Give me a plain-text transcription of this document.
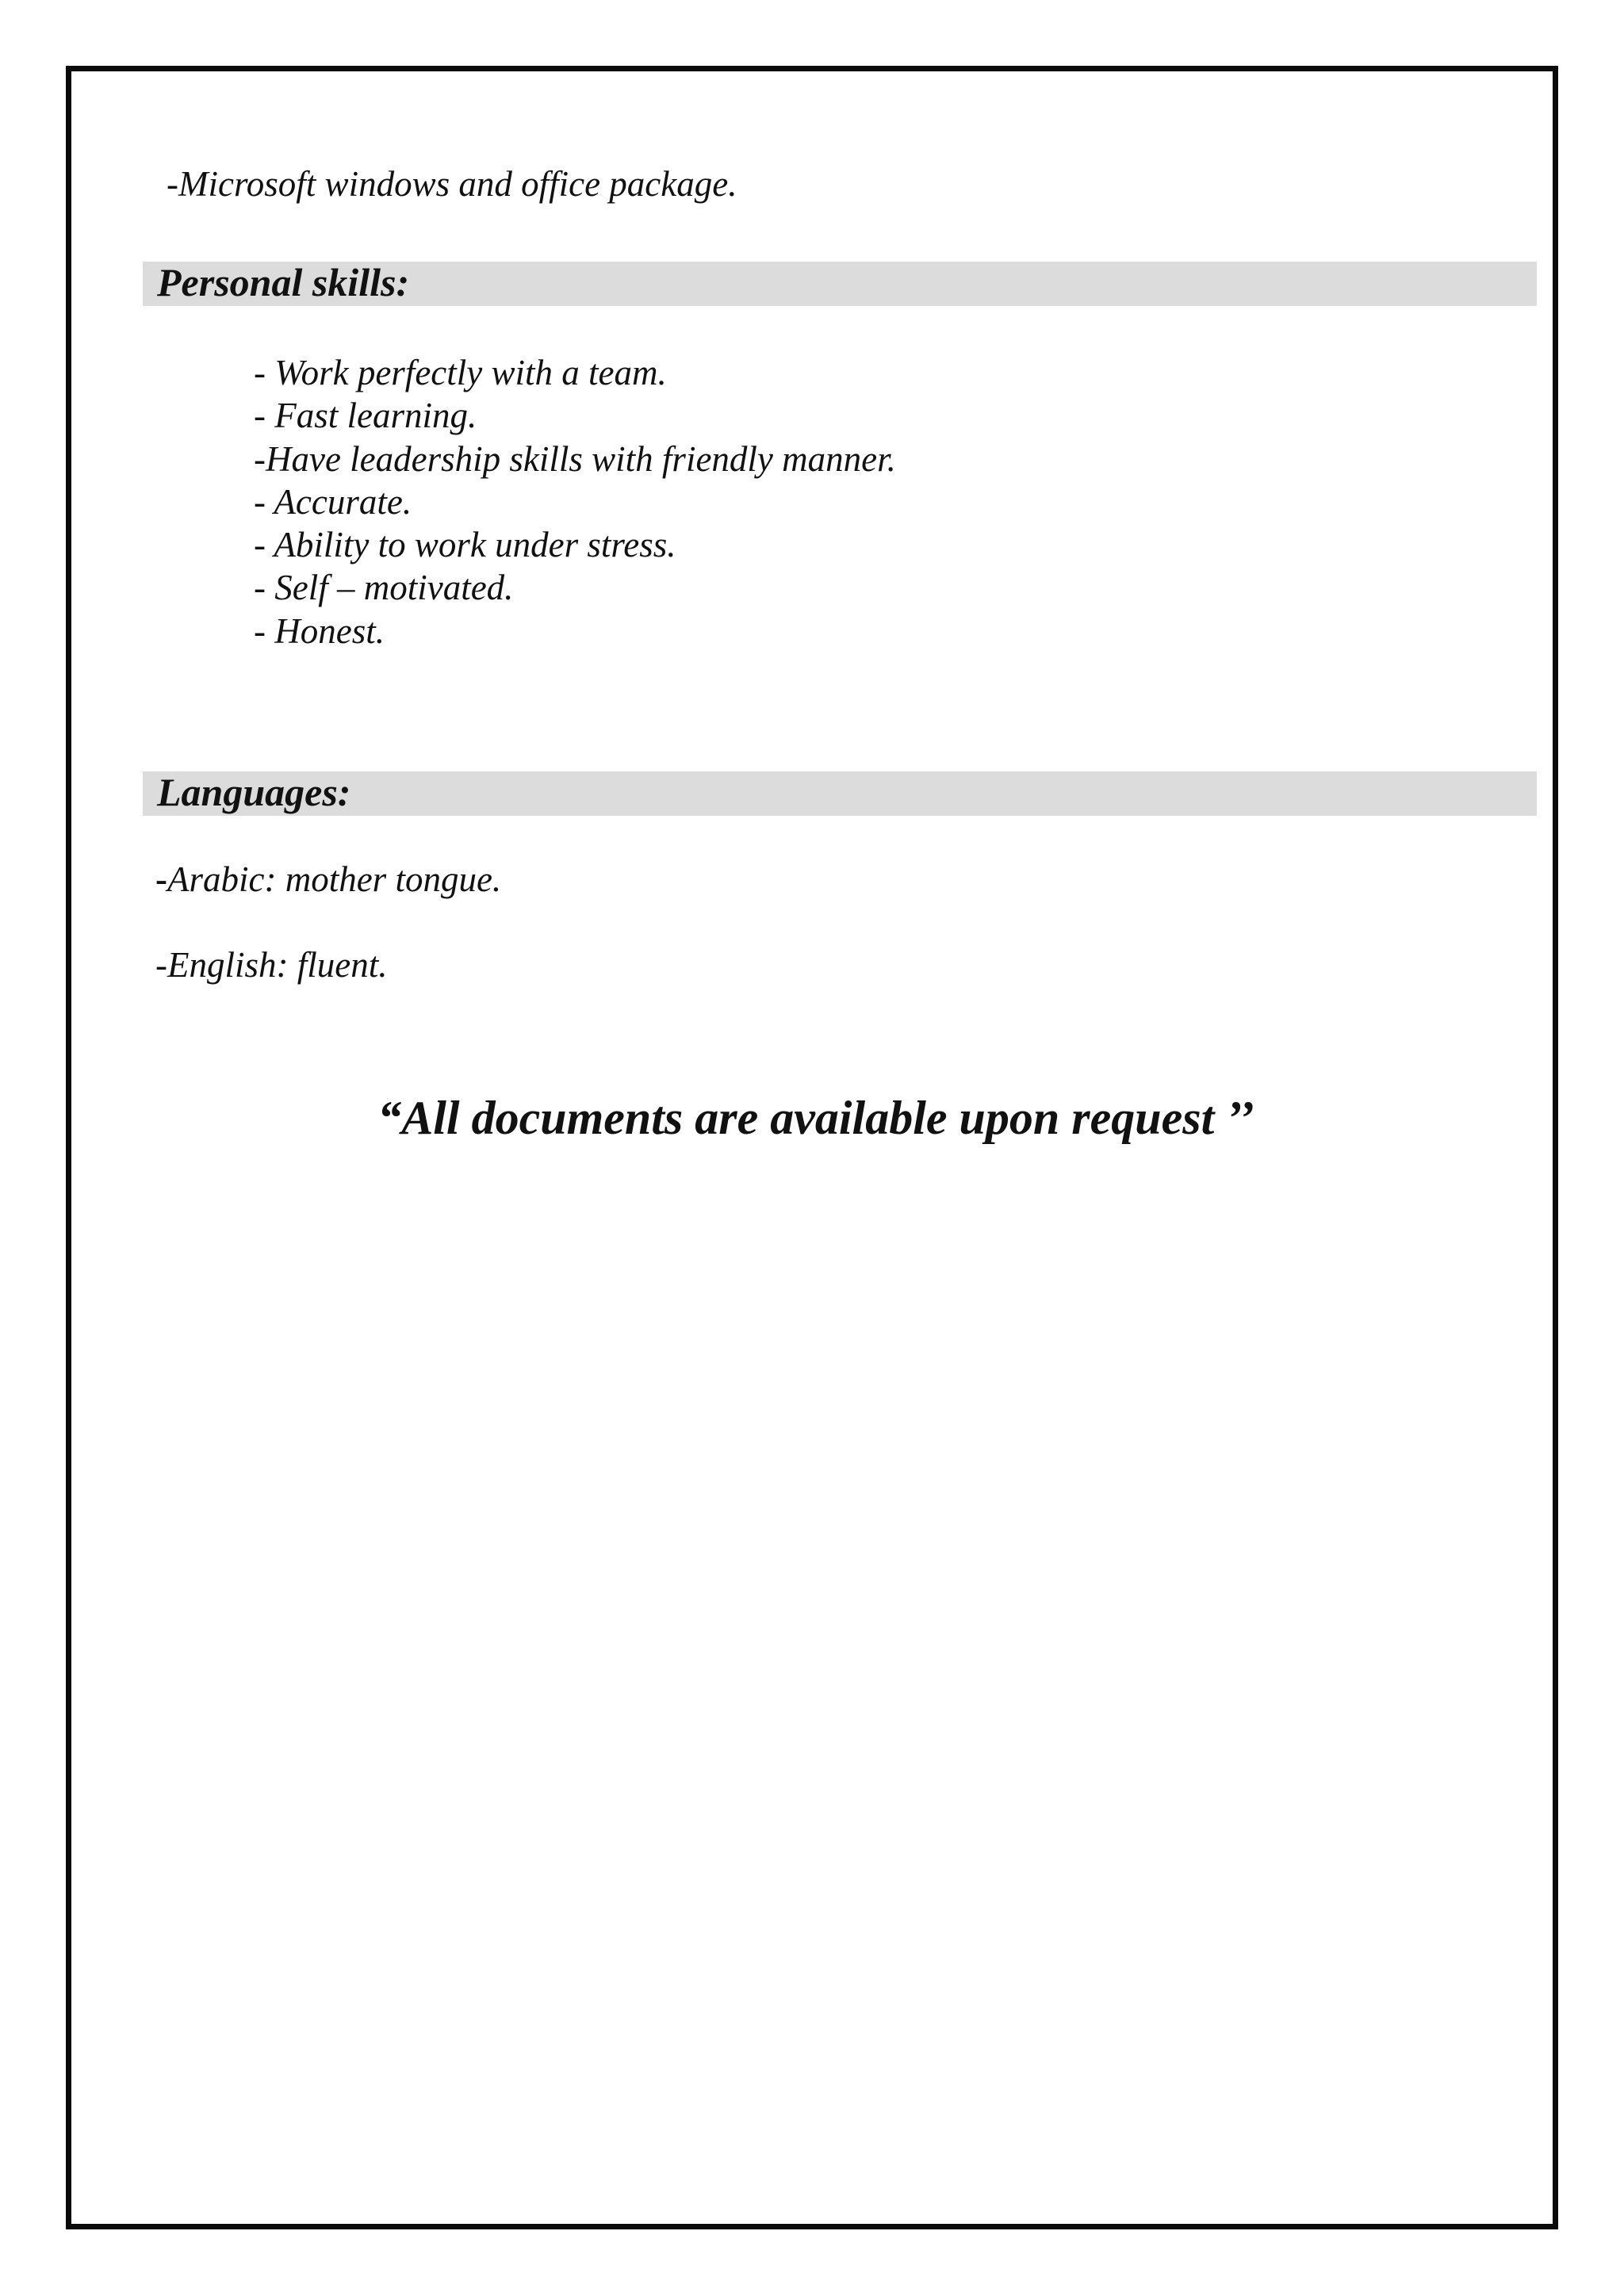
-Microsoft windows and office package.
Personal skills:
- Work perfectly with a team.
- Fast learning.
-Have leadership skills with friendly manner.
- Accurate.
- Ability to work under stress.
- Self – motivated.
- Honest.
Languages:
-Arabic: mother tongue.
-English: fluent.
“All documents are available upon request ’’
